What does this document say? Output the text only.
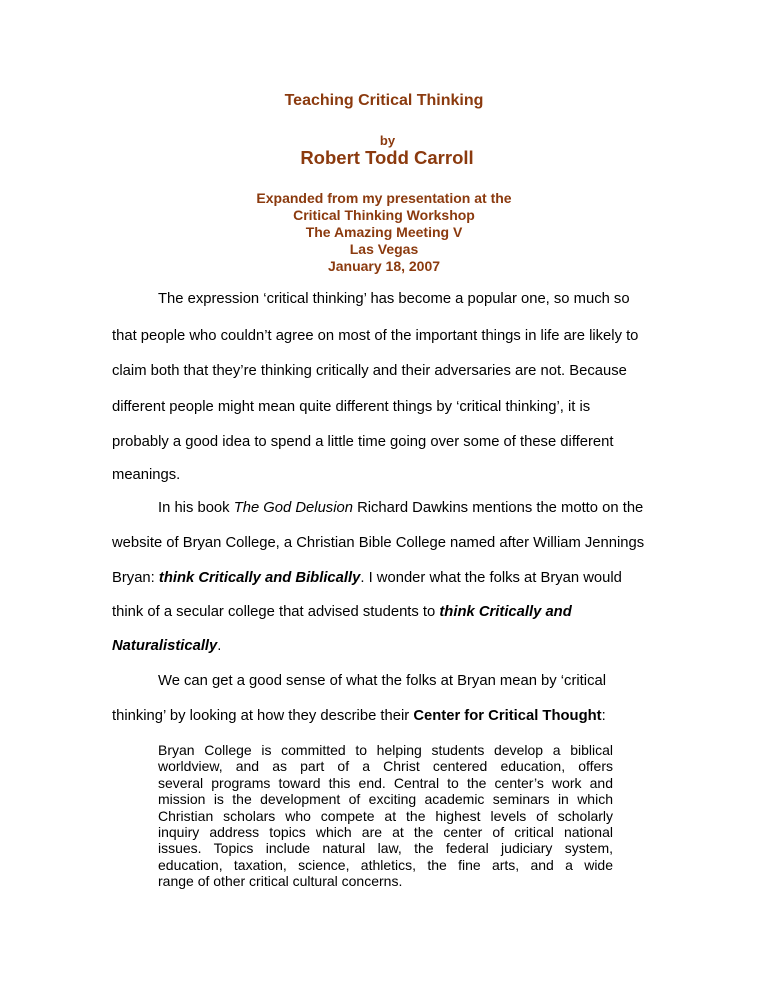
Teaching Critical Thinking
by
Robert Todd Carroll
Expanded from my presentation at the
Critical Thinking Workshop
The Amazing Meeting V
Las Vegas
January 18, 2007
The expression ‘critical thinking’ has become a popular one, so much so
that people who couldn’t agree on most of the important things in life are likely to
claim both that they’re thinking critically and their adversaries are not. Because
different people might mean quite different things by ‘critical thinking’, it is
probably a good idea to spend a little time going over some of these different
meanings.
In his book The God Delusion Richard Dawkins mentions the motto on the
website of Bryan College, a Christian Bible College named after William Jennings
Bryan: think Critically and Biblically. I wonder what the folks at Bryan would
think of a secular college that advised students to think Critically and
Naturalistically.
We can get a good sense of what the folks at Bryan mean by ‘critical
thinking’ by looking at how they describe their Center for Critical Thought:
Bryan College is committed to helping students develop a biblical
worldview, and as part of a Christ centered education, offers
several programs toward this end. Central to the center’s work and
mission is the development of exciting academic seminars in which
Christian scholars who compete at the highest levels of scholarly
inquiry address topics which are at the center of critical national
issues. Topics include natural law, the federal judiciary system,
education, taxation, science, athletics, the fine arts, and a wide
range of other critical cultural concerns.
